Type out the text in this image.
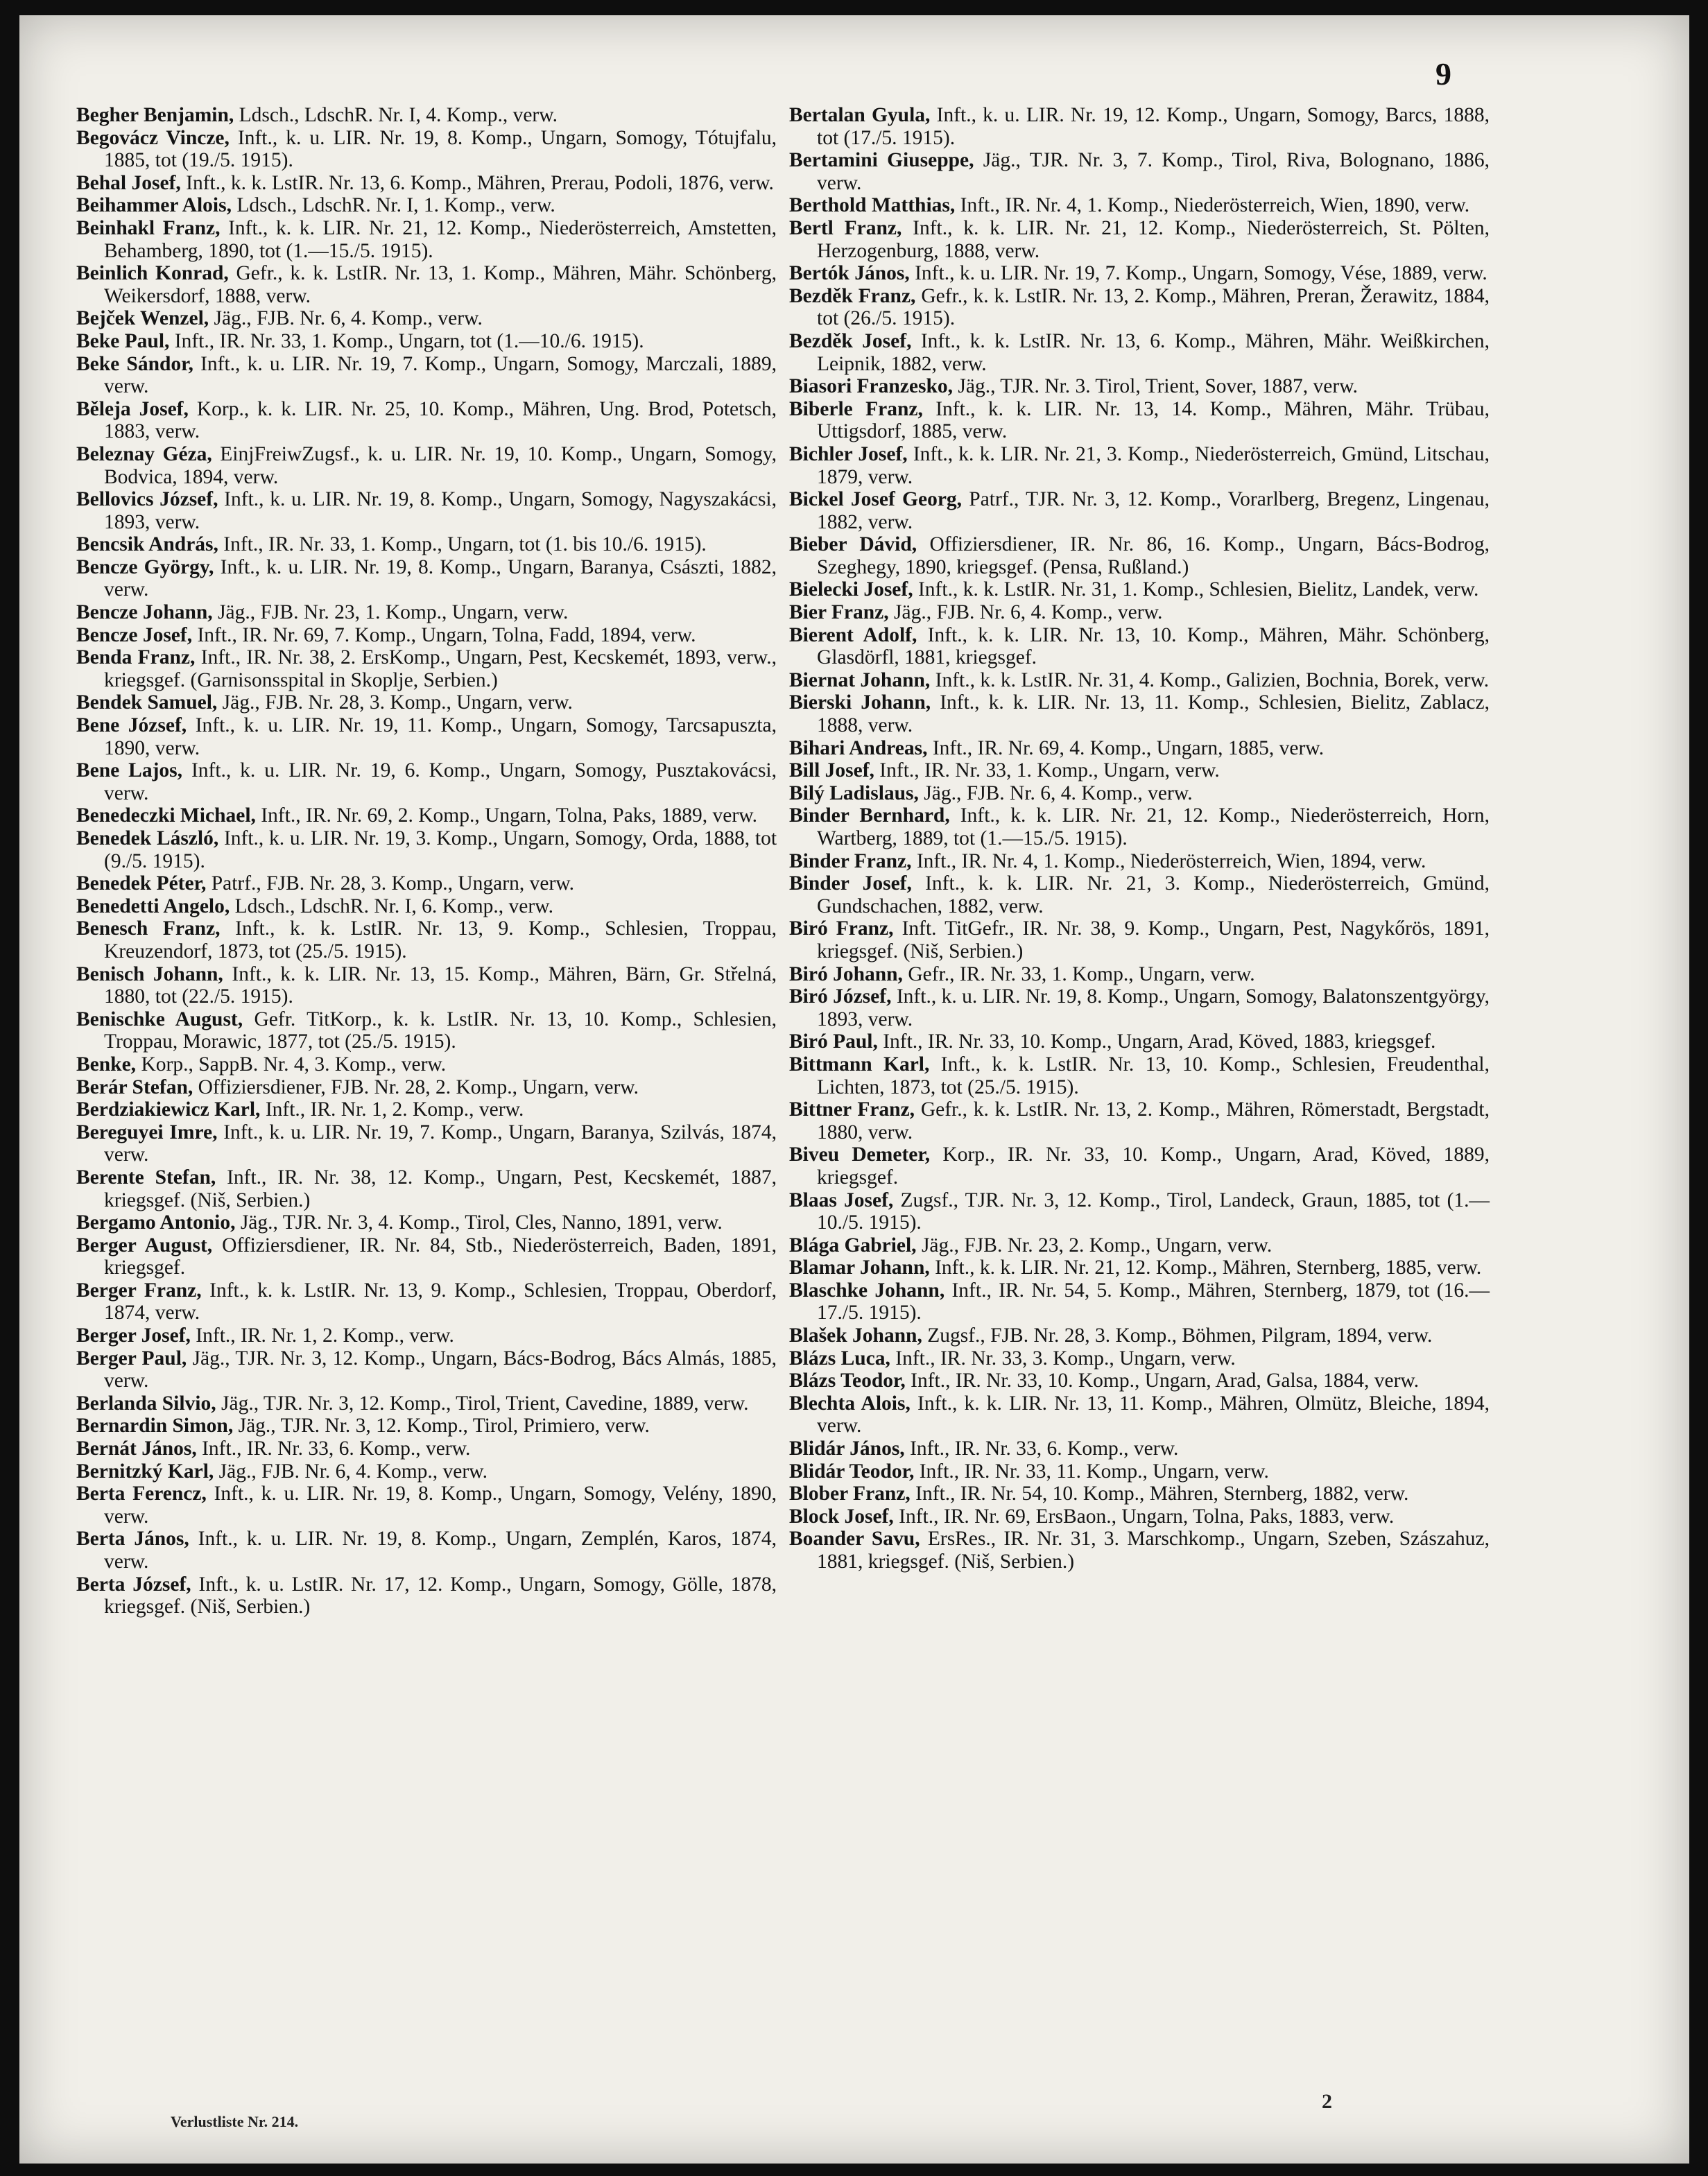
9
Begher Benjamin, Ldsch., LdschR. Nr. I, 4. Komp., verw.
Begovácz Vincze, Inft., k. u. LIR. Nr. 19, 8. Komp., Ungarn, Somogy, Tótujfalu, 1885, tot (19./5. 1915).
Behal Josef, Inft., k. k. LstIR. Nr. 13, 6. Komp., Mähren, Prerau, Podoli, 1876, verw.
Beihammer Alois, Ldsch., LdschR. Nr. I, 1. Komp., verw.
Beinhakl Franz, Inft., k. k. LIR. Nr. 21, 12. Komp., Niederösterreich, Amstetten, Behamberg, 1890, tot (1.—15./5. 1915).
Beinlich Konrad, Gefr., k. k. LstIR. Nr. 13, 1. Komp., Mähren, Mähr. Schönberg, Weikersdorf, 1888, verw.
Bejček Wenzel, Jäg., FJB. Nr. 6, 4. Komp., verw.
Beke Paul, Inft., IR. Nr. 33, 1. Komp., Ungarn, tot (1.—10./6. 1915).
Beke Sándor, Inft., k. u. LIR. Nr. 19, 7. Komp., Ungarn, Somogy, Marczali, 1889, verw.
Běleja Josef, Korp., k. k. LIR. Nr. 25, 10. Komp., Mähren, Ung. Brod, Potetsch, 1883, verw.
Beleznay Géza, EinjFreiwZugsf., k. u. LIR. Nr. 19, 10. Komp., Ungarn, Somogy, Bodvica, 1894, verw.
Bellovics József, Inft., k. u. LIR. Nr. 19, 8. Komp., Ungarn, Somogy, Nagyszakácsi, 1893, verw.
Bencsik András, Inft., IR. Nr. 33, 1. Komp., Ungarn, tot (1. bis 10./6. 1915).
Bencze György, Inft., k. u. LIR. Nr. 19, 8. Komp., Ungarn, Baranya, Császti, 1882, verw.
Bencze Johann, Jäg., FJB. Nr. 23, 1. Komp., Ungarn, verw.
Bencze Josef, Inft., IR. Nr. 69, 7. Komp., Ungarn, Tolna, Fadd, 1894, verw.
Benda Franz, Inft., IR. Nr. 38, 2. ErsKomp., Ungarn, Pest, Kecskemét, 1893, verw., kriegsgef. (Garnisonsspital in Skoplje, Serbien.)
Bendek Samuel, Jäg., FJB. Nr. 28, 3. Komp., Ungarn, verw.
Bene József, Inft., k. u. LIR. Nr. 19, 11. Komp., Ungarn, Somogy, Tarcsapuszta, 1890, verw.
Bene Lajos, Inft., k. u. LIR. Nr. 19, 6. Komp., Ungarn, Somogy, Pusztakovácsi, verw.
Benedeczki Michael, Inft., IR. Nr. 69, 2. Komp., Ungarn, Tolna, Paks, 1889, verw.
Benedek László, Inft., k. u. LIR. Nr. 19, 3. Komp., Ungarn, Somogy, Orda, 1888, tot (9./5. 1915).
Benedek Péter, Patrf., FJB. Nr. 28, 3. Komp., Ungarn, verw.
Benedetti Angelo, Ldsch., LdschR. Nr. I, 6. Komp., verw.
Benesch Franz, Inft., k. k. LstIR. Nr. 13, 9. Komp., Schlesien, Troppau, Kreuzendorf, 1873, tot (25./5. 1915).
Benisch Johann, Inft., k. k. LIR. Nr. 13, 15. Komp., Mähren, Bärn, Gr. Střelná, 1880, tot (22./5. 1915).
Benischke August, Gefr. TitKorp., k. k. LstIR. Nr. 13, 10. Komp., Schlesien, Troppau, Morawic, 1877, tot (25./5. 1915).
Benke, Korp., SappB. Nr. 4, 3. Komp., verw.
Berár Stefan, Offiziersdiener, FJB. Nr. 28, 2. Komp., Ungarn, verw.
Berdziakiewicz Karl, Inft., IR. Nr. 1, 2. Komp., verw.
Bereguyei Imre, Inft., k. u. LIR. Nr. 19, 7. Komp., Ungarn, Baranya, Szilvás, 1874, verw.
Berente Stefan, Inft., IR. Nr. 38, 12. Komp., Ungarn, Pest, Kecskemét, 1887, kriegsgef. (Niš, Serbien.)
Bergamo Antonio, Jäg., TJR. Nr. 3, 4. Komp., Tirol, Cles, Nanno, 1891, verw.
Berger August, Offiziersdiener, IR. Nr. 84, Stb., Niederösterreich, Baden, 1891, kriegsgef.
Berger Franz, Inft., k. k. LstIR. Nr. 13, 9. Komp., Schlesien, Troppau, Oberdorf, 1874, verw.
Berger Josef, Inft., IR. Nr. 1, 2. Komp., verw.
Berger Paul, Jäg., TJR. Nr. 3, 12. Komp., Ungarn, Bács-Bodrog, Bács Almás, 1885, verw.
Berlanda Silvio, Jäg., TJR. Nr. 3, 12. Komp., Tirol, Trient, Cavedine, 1889, verw.
Bernardin Simon, Jäg., TJR. Nr. 3, 12. Komp., Tirol, Primiero, verw.
Bernát János, Inft., IR. Nr. 33, 6. Komp., verw.
Bernitzký Karl, Jäg., FJB. Nr. 6, 4. Komp., verw.
Berta Ferencz, Inft., k. u. LIR. Nr. 19, 8. Komp., Ungarn, Somogy, Velény, 1890, verw.
Berta János, Inft., k. u. LIR. Nr. 19, 8. Komp., Ungarn, Zemplén, Karos, 1874, verw.
Berta József, Inft., k. u. LstIR. Nr. 17, 12. Komp., Ungarn, Somogy, Gölle, 1878, kriegsgef. (Niš, Serbien.)
Bertalan Gyula, Inft., k. u. LIR. Nr. 19, 12. Komp., Ungarn, Somogy, Barcs, 1888, tot (17./5. 1915).
Bertamini Giuseppe, Jäg., TJR. Nr. 3, 7. Komp., Tirol, Riva, Bolognano, 1886, verw.
Berthold Matthias, Inft., IR. Nr. 4, 1. Komp., Niederösterreich, Wien, 1890, verw.
Bertl Franz, Inft., k. k. LIR. Nr. 21, 12. Komp., Niederösterreich, St. Pölten, Herzogenburg, 1888, verw.
Bertók János, Inft., k. u. LIR. Nr. 19, 7. Komp., Ungarn, Somogy, Vése, 1889, verw.
Bezděk Franz, Gefr., k. k. LstIR. Nr. 13, 2. Komp., Mähren, Preran, Žerawitz, 1884, tot (26./5. 1915).
Bezděk Josef, Inft., k. k. LstIR. Nr. 13, 6. Komp., Mähren, Mähr. Weißkirchen, Leipnik, 1882, verw.
Biasori Franzesko, Jäg., TJR. Nr. 3. Tirol, Trient, Sover, 1887, verw.
Biberle Franz, Inft., k. k. LIR. Nr. 13, 14. Komp., Mähren, Mähr. Trübau, Uttigsdorf, 1885, verw.
Bichler Josef, Inft., k. k. LIR. Nr. 21, 3. Komp., Niederösterreich, Gmünd, Litschau, 1879, verw.
Bickel Josef Georg, Patrf., TJR. Nr. 3, 12. Komp., Vorarlberg, Bregenz, Lingenau, 1882, verw.
Bieber Dávid, Offiziersdiener, IR. Nr. 86, 16. Komp., Ungarn, Bács-Bodrog, Szeghegy, 1890, kriegsgef. (Pensa, Rußland.)
Bielecki Josef, Inft., k. k. LstIR. Nr. 31, 1. Komp., Schlesien, Bielitz, Landek, verw.
Bier Franz, Jäg., FJB. Nr. 6, 4. Komp., verw.
Bierent Adolf, Inft., k. k. LIR. Nr. 13, 10. Komp., Mähren, Mähr. Schönberg, Glasdörfl, 1881, kriegsgef.
Biernat Johann, Inft., k. k. LstIR. Nr. 31, 4. Komp., Galizien, Bochnia, Borek, verw.
Bierski Johann, Inft., k. k. LIR. Nr. 13, 11. Komp., Schlesien, Bielitz, Zablacz, 1888, verw.
Bihari Andreas, Inft., IR. Nr. 69, 4. Komp., Ungarn, 1885, verw.
Bill Josef, Inft., IR. Nr. 33, 1. Komp., Ungarn, verw.
Bilý Ladislaus, Jäg., FJB. Nr. 6, 4. Komp., verw.
Binder Bernhard, Inft., k. k. LIR. Nr. 21, 12. Komp., Niederösterreich, Horn, Wartberg, 1889, tot (1.—15./5. 1915).
Binder Franz, Inft., IR. Nr. 4, 1. Komp., Niederösterreich, Wien, 1894, verw.
Binder Josef, Inft., k. k. LIR. Nr. 21, 3. Komp., Niederösterreich, Gmünd, Gundschachen, 1882, verw.
Biró Franz, Inft. TitGefr., IR. Nr. 38, 9. Komp., Ungarn, Pest, Nagykőrös, 1891, kriegsgef. (Niš, Serbien.)
Biró Johann, Gefr., IR. Nr. 33, 1. Komp., Ungarn, verw.
Biró József, Inft., k. u. LIR. Nr. 19, 8. Komp., Ungarn, Somogy, Balatonszentgyörgy, 1893, verw.
Biró Paul, Inft., IR. Nr. 33, 10. Komp., Ungarn, Arad, Köved, 1883, kriegsgef.
Bittmann Karl, Inft., k. k. LstIR. Nr. 13, 10. Komp., Schlesien, Freudenthal, Lichten, 1873, tot (25./5. 1915).
Bittner Franz, Gefr., k. k. LstIR. Nr. 13, 2. Komp., Mähren, Römerstadt, Bergstadt, 1880, verw.
Biveu Demeter, Korp., IR. Nr. 33, 10. Komp., Ungarn, Arad, Köved, 1889, kriegsgef.
Blaas Josef, Zugsf., TJR. Nr. 3, 12. Komp., Tirol, Landeck, Graun, 1885, tot (1.—10./5. 1915).
Blága Gabriel, Jäg., FJB. Nr. 23, 2. Komp., Ungarn, verw.
Blamar Johann, Inft., k. k. LIR. Nr. 21, 12. Komp., Mähren, Sternberg, 1885, verw.
Blaschke Johann, Inft., IR. Nr. 54, 5. Komp., Mähren, Sternberg, 1879, tot (16.—17./5. 1915).
Blašek Johann, Zugsf., FJB. Nr. 28, 3. Komp., Böhmen, Pilgram, 1894, verw.
Blázs Luca, Inft., IR. Nr. 33, 3. Komp., Ungarn, verw.
Blázs Teodor, Inft., IR. Nr. 33, 10. Komp., Ungarn, Arad, Galsa, 1884, verw.
Blechta Alois, Inft., k. k. LIR. Nr. 13, 11. Komp., Mähren, Olmütz, Bleiche, 1894, verw.
Blidár János, Inft., IR. Nr. 33, 6. Komp., verw.
Blidár Teodor, Inft., IR. Nr. 33, 11. Komp., Ungarn, verw.
Blober Franz, Inft., IR. Nr. 54, 10. Komp., Mähren, Sternberg, 1882, verw.
Block Josef, Inft., IR. Nr. 69, ErsBaon., Ungarn, Tolna, Paks, 1883, verw.
Boander Savu, ErsRes., IR. Nr. 31, 3. Marschkomp., Ungarn, Szeben, Szászahuz, 1881, kriegsgef. (Niš, Serbien.)
2
Verlustliste Nr. 214.
